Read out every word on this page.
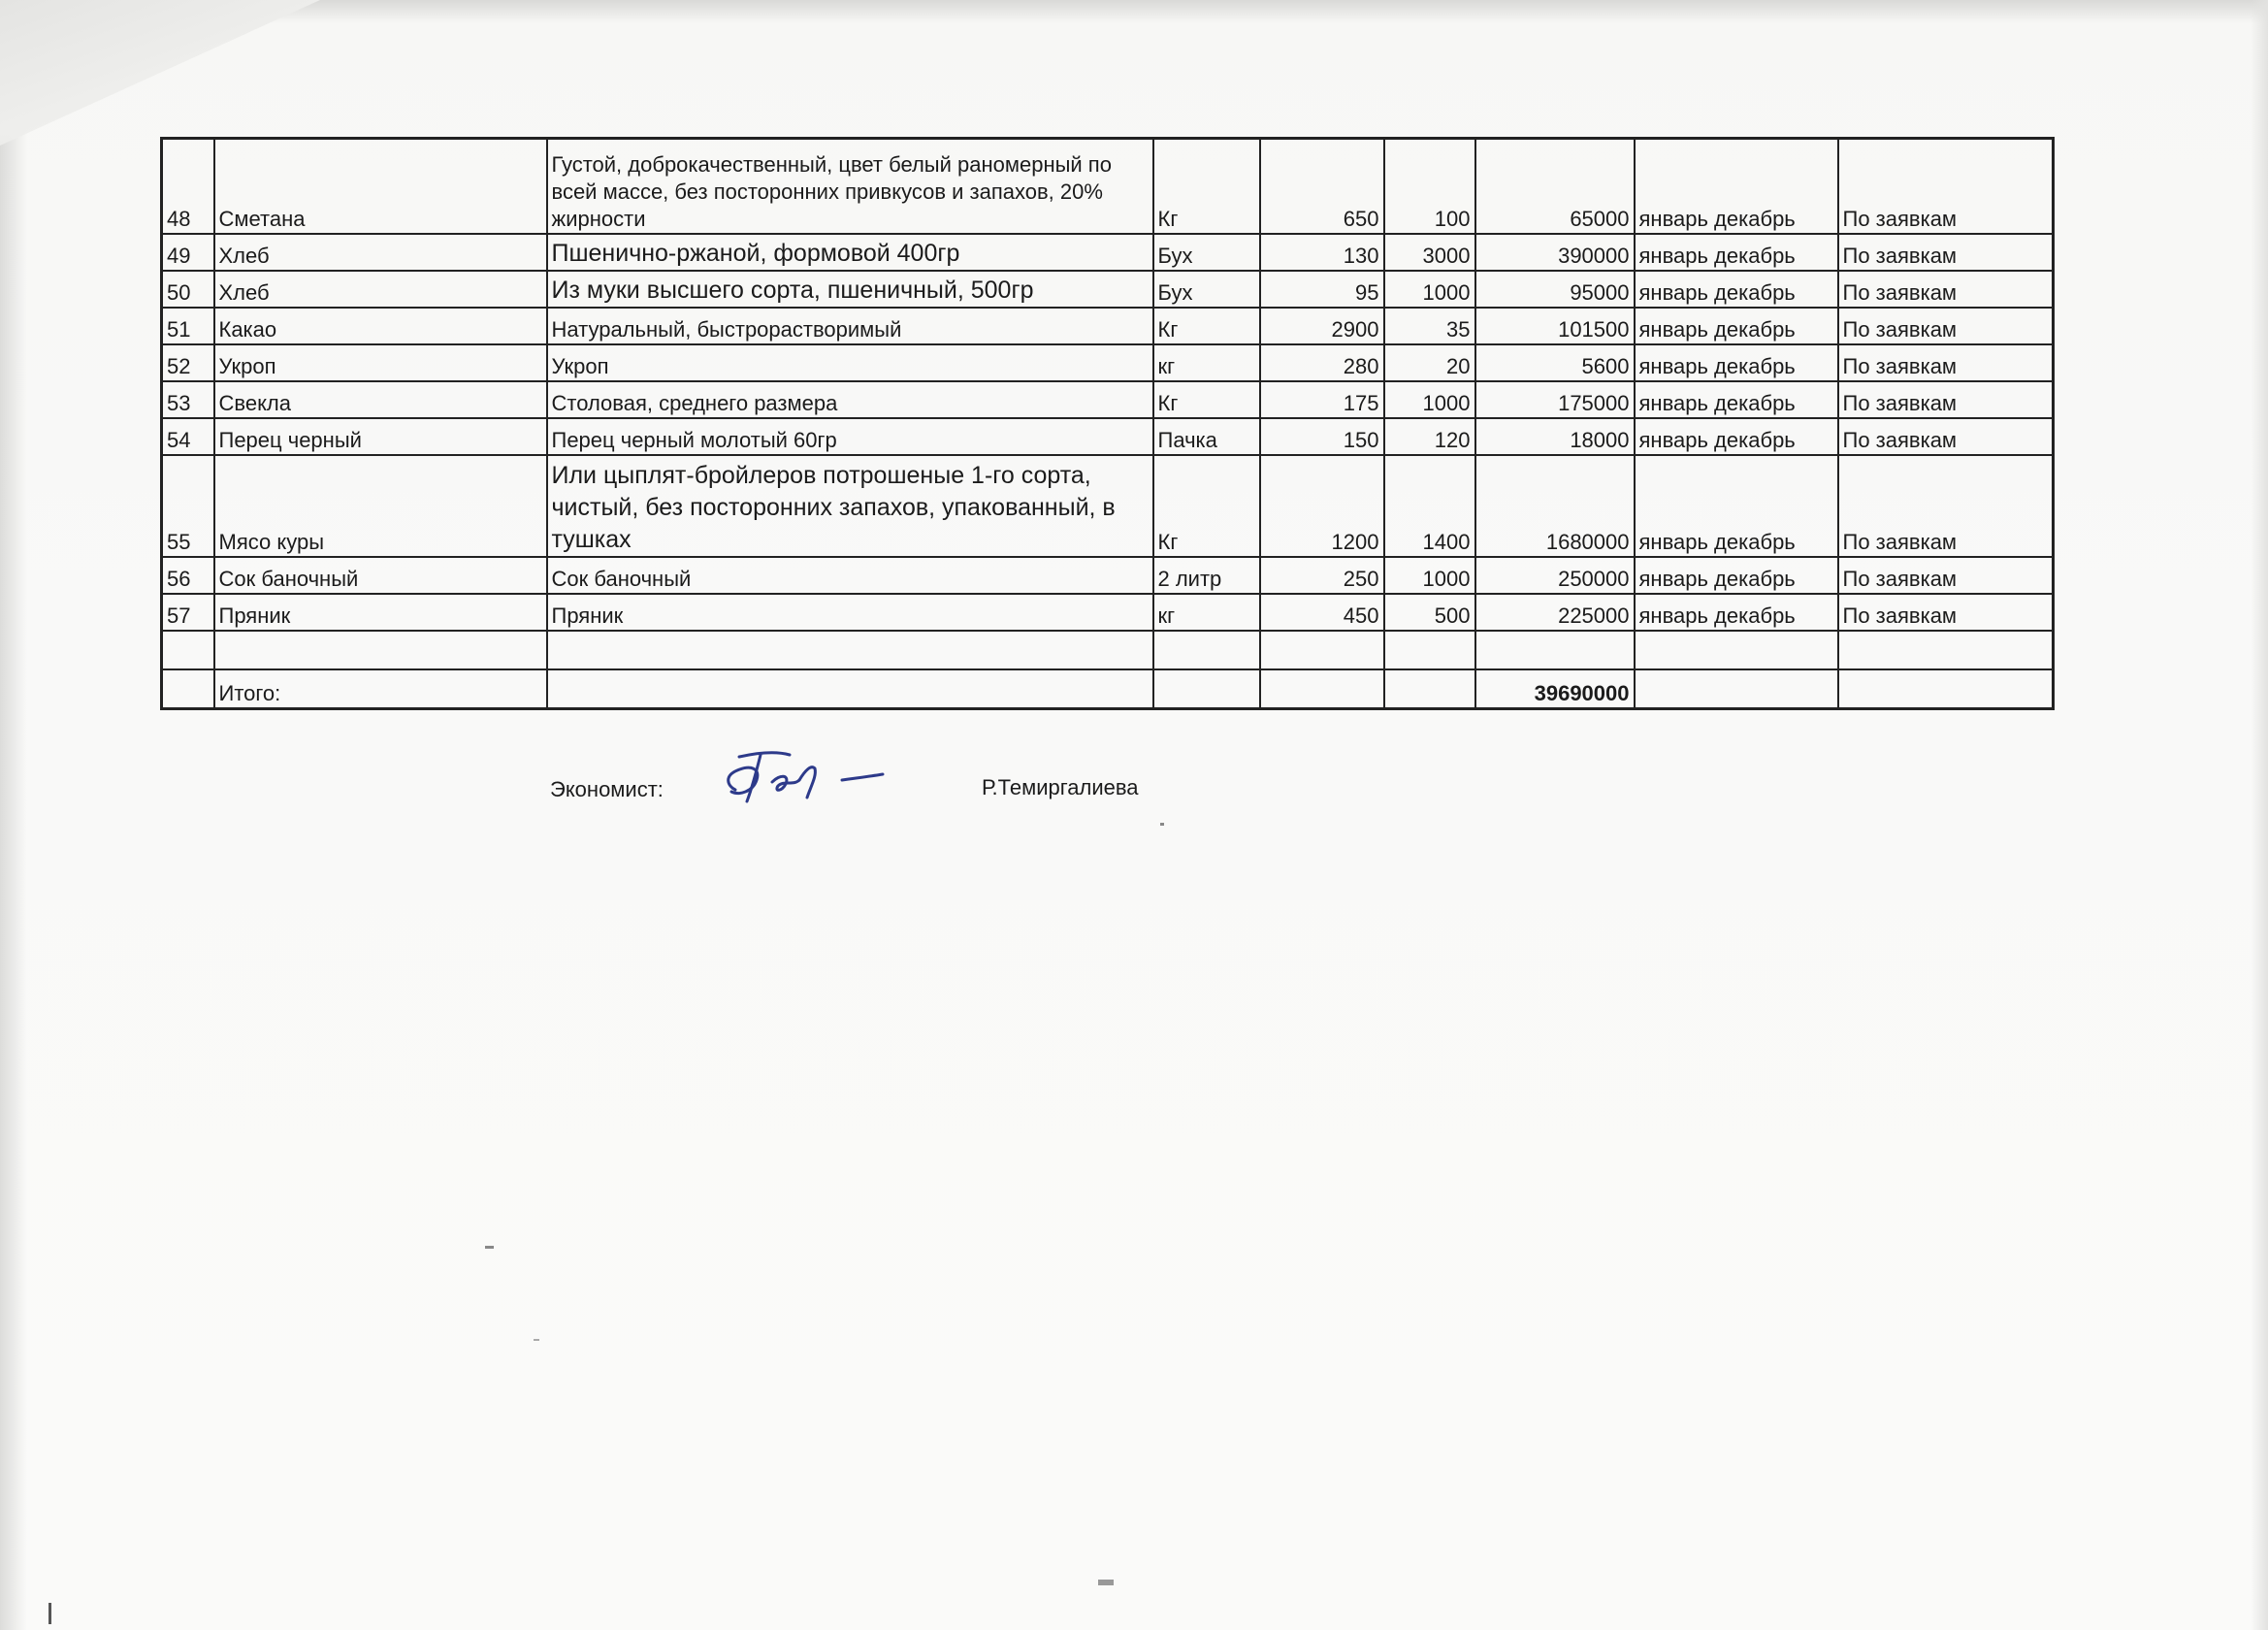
48	Сметана	Густой, доброкачественный, цвет белый раномерный по всей массе, без посторонних привкусов и запахов, 20% жирности	Кг	650	100	65000	январь декабрь	По заявкам
49	Хлеб	Пшенично-ржаной, формовой 400гр	Бух	130	3000	390000	январь декабрь	По заявкам
50	Хлеб	Из муки высшего сорта, пшеничный, 500гр	Бух	95	1000	95000	январь декабрь	По заявкам
51	Какао	Натуральный, быстрорастворимый	Кг	2900	35	101500	январь декабрь	По заявкам
52	Укроп	Укроп	кг	280	20	5600	январь декабрь	По заявкам
53	Свекла	Столовая, среднего размера	Кг	175	1000	175000	январь декабрь	По заявкам
54	Перец черный	Перец черный молотый 60гр	Пачка	150	120	18000	январь декабрь	По заявкам
55	Мясо куры	Или цыплят-бройлеров потрошеные 1-го сорта, чистый, без посторонних запахов, упакованный, в тушках	Кг	1200	1400	1680000	январь декабрь	По заявкам
56	Сок баночный	Сок баночный	2 литр	250	1000	250000	январь декабрь	По заявкам
57	Пряник	Пряник	кг	450	500	225000	январь декабрь	По заявкам

	Итого:					39690000		
Экономист:	Р.Темиргалиева
